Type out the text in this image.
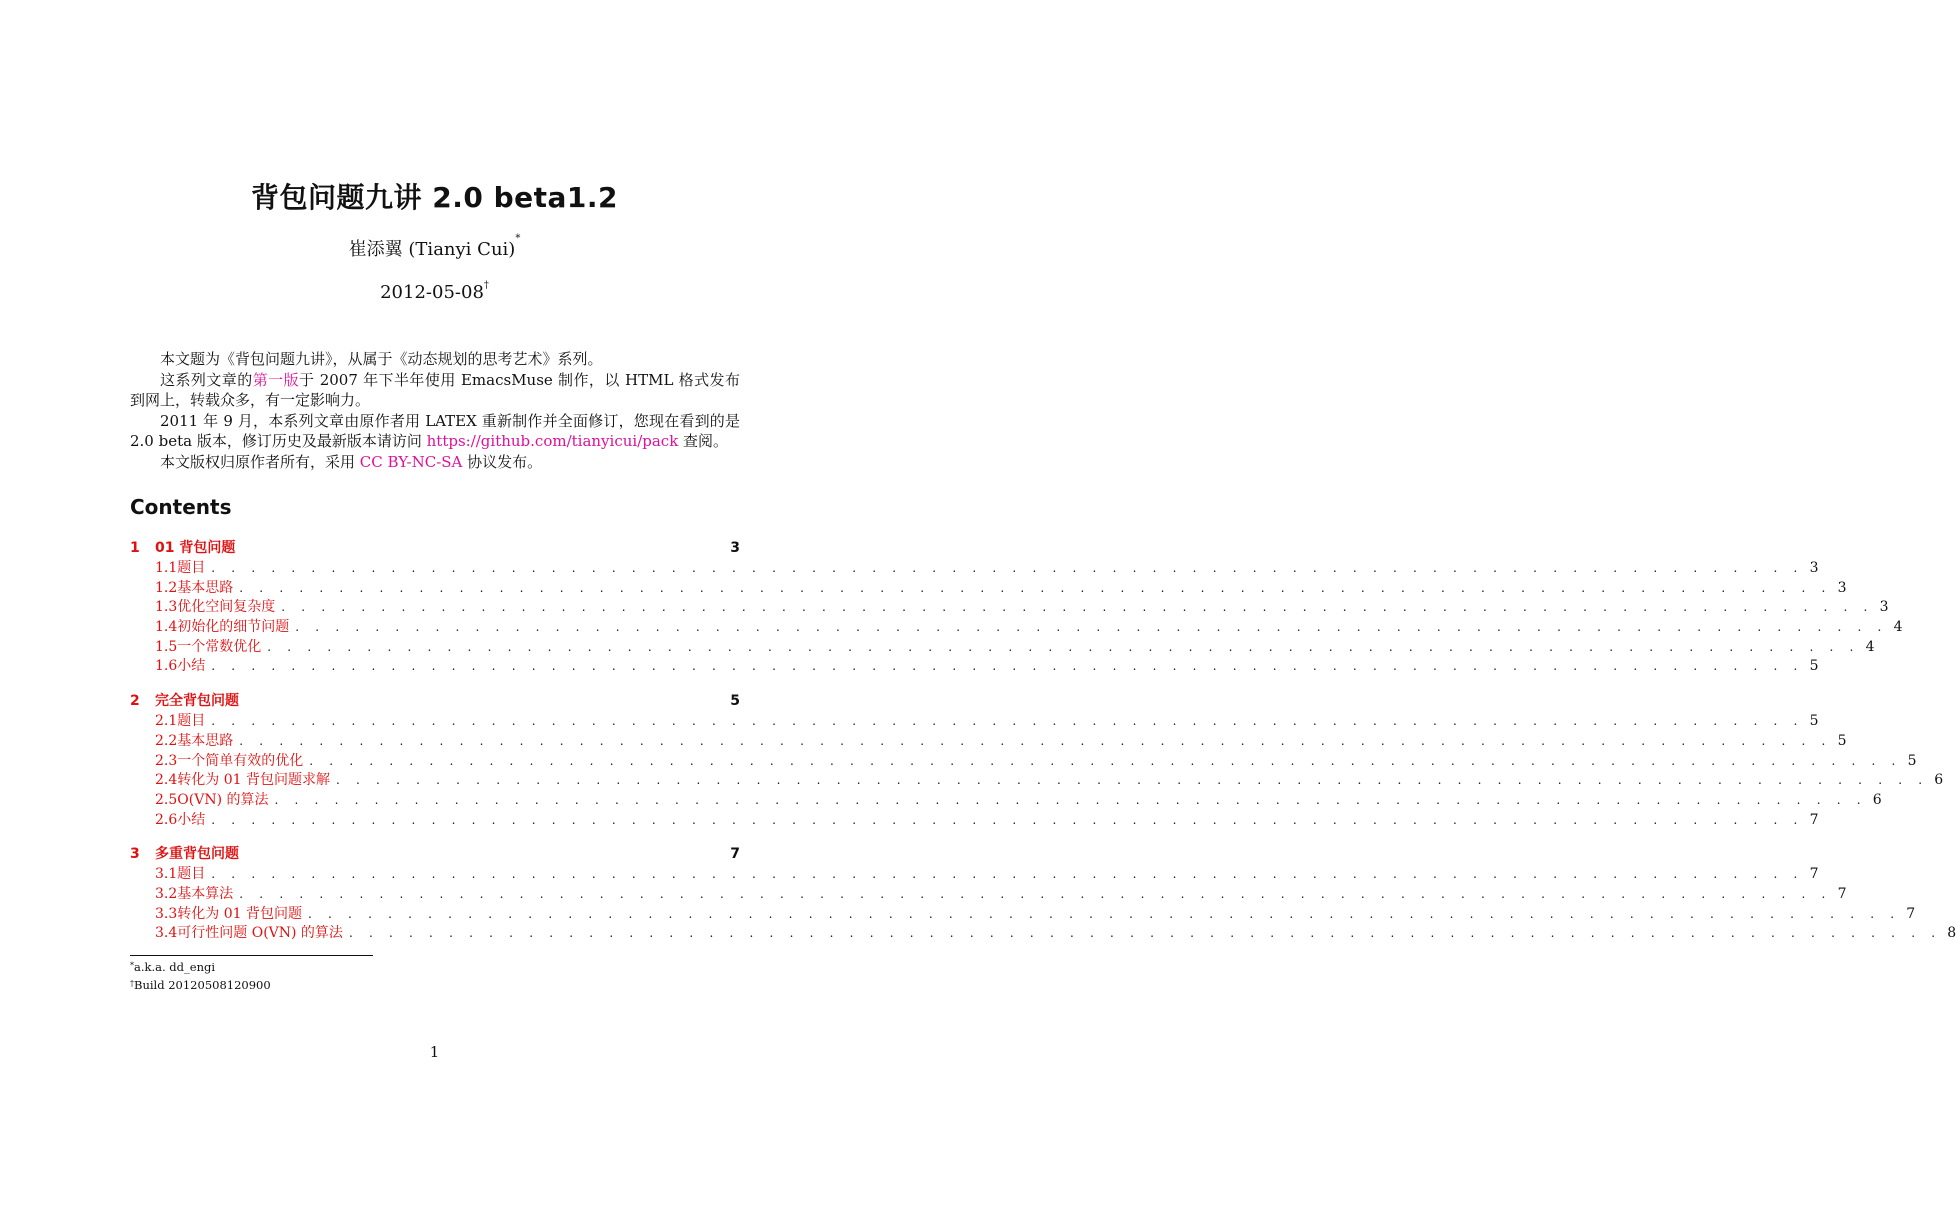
背包问题九讲 2.0 beta1.2
崔添翼 (Tianyi Cui)*
2012-05-08†

本文题为《背包问题九讲》，从属于《动态规划的思考艺术》系列。

这系列文章的第一版于 2007 年下半年使用 EmacsMuse 制作，以 HTML 格式发布到网上，转载众多，有一定影响力。

2011 年 9 月，本系列文章由原作者用 LATEX 重新制作并全面修订，您现在看到的是 2.0 beta 版本，修订历史及最新版本请访问 https://github.com/tianyicui/pack 查阅。

本文版权归原作者所有，采用 CC BY-NC-SA 协议发布。

Contents
1	01 背包问题	3
1.1 题目 . . . . . . . . . . . . . . . . . . . . . . . . . . . . . . . . . . . . . . . . . . . . . . . . . . . . . . . . . . . . . . . . . . . . . . . . . . . . . . . . 3
1.2 基本思路 . . . . . . . . . . . . . . . . . . . . . . . . . . . . . . . . . . . . . . . . . . . . . . . . . . . . . . . . . . . . . . . . . . . . . . . . . . . . . . . . 3
1.3 优化空间复杂度 . . . . . . . . . . . . . . . . . . . . . . . . . . . . . . . . . . . . . . . . . . . . . . . . . . . . . . . . . . . . . . . . . . . . . . . . . . . . . . . . 3
1.4 初始化的细节问题 . . . . . . . . . . . . . . . . . . . . . . . . . . . . . . . . . . . . . . . . . . . . . . . . . . . . . . . . . . . . . . . . . . . . . . . . . . . . . . . . 4
1.5 一个常数优化 . . . . . . . . . . . . . . . . . . . . . . . . . . . . . . . . . . . . . . . . . . . . . . . . . . . . . . . . . . . . . . . . . . . . . . . . . . . . . . . . 4
1.6 小结 . . . . . . . . . . . . . . . . . . . . . . . . . . . . . . . . . . . . . . . . . . . . . . . . . . . . . . . . . . . . . . . . . . . . . . . . . . . . . . . . 5
2	完全背包问题	5
2.1 题目 . . . . . . . . . . . . . . . . . . . . . . . . . . . . . . . . . . . . . . . . . . . . . . . . . . . . . . . . . . . . . . . . . . . . . . . . . . . . . . . . 5
2.2 基本思路 . . . . . . . . . . . . . . . . . . . . . . . . . . . . . . . . . . . . . . . . . . . . . . . . . . . . . . . . . . . . . . . . . . . . . . . . . . . . . . . . 5
2.3 一个简单有效的优化 . . . . . . . . . . . . . . . . . . . . . . . . . . . . . . . . . . . . . . . . . . . . . . . . . . . . . . . . . . . . . . . . . . . . . . . . . . . . . . . . 5
2.4 转化为 01 背包问题求解 . . . . . . . . . . . . . . . . . . . . . . . . . . . . . . . . . . . . . . . . . . . . . . . . . . . . . . . . . . . . . . . . . . . . . . . . . . . . . . . . 6
2.5 O(VN) 的算法 . . . . . . . . . . . . . . . . . . . . . . . . . . . . . . . . . . . . . . . . . . . . . . . . . . . . . . . . . . . . . . . . . . . . . . . . . . . . . . . . 6
2.6 小结 . . . . . . . . . . . . . . . . . . . . . . . . . . . . . . . . . . . . . . . . . . . . . . . . . . . . . . . . . . . . . . . . . . . . . . . . . . . . . . . . 7
3	多重背包问题	7
3.1 题目 . . . . . . . . . . . . . . . . . . . . . . . . . . . . . . . . . . . . . . . . . . . . . . . . . . . . . . . . . . . . . . . . . . . . . . . . . . . . . . . . 7
3.2 基本算法 . . . . . . . . . . . . . . . . . . . . . . . . . . . . . . . . . . . . . . . . . . . . . . . . . . . . . . . . . . . . . . . . . . . . . . . . . . . . . . . . 7
3.3 转化为 01 背包问题 . . . . . . . . . . . . . . . . . . . . . . . . . . . . . . . . . . . . . . . . . . . . . . . . . . . . . . . . . . . . . . . . . . . . . . . . . . . . . . . . 7
3.4 可行性问题 O(VN) 的算法 . . . . . . . . . . . . . . . . . . . . . . . . . . . . . . . . . . . . . . . . . . . . . . . . . . . . . . . . . . . . . . . . . . . . . . . . . . . . . . . . 8
*a.k.a. dd_engi
†Build 20120508120900
1
